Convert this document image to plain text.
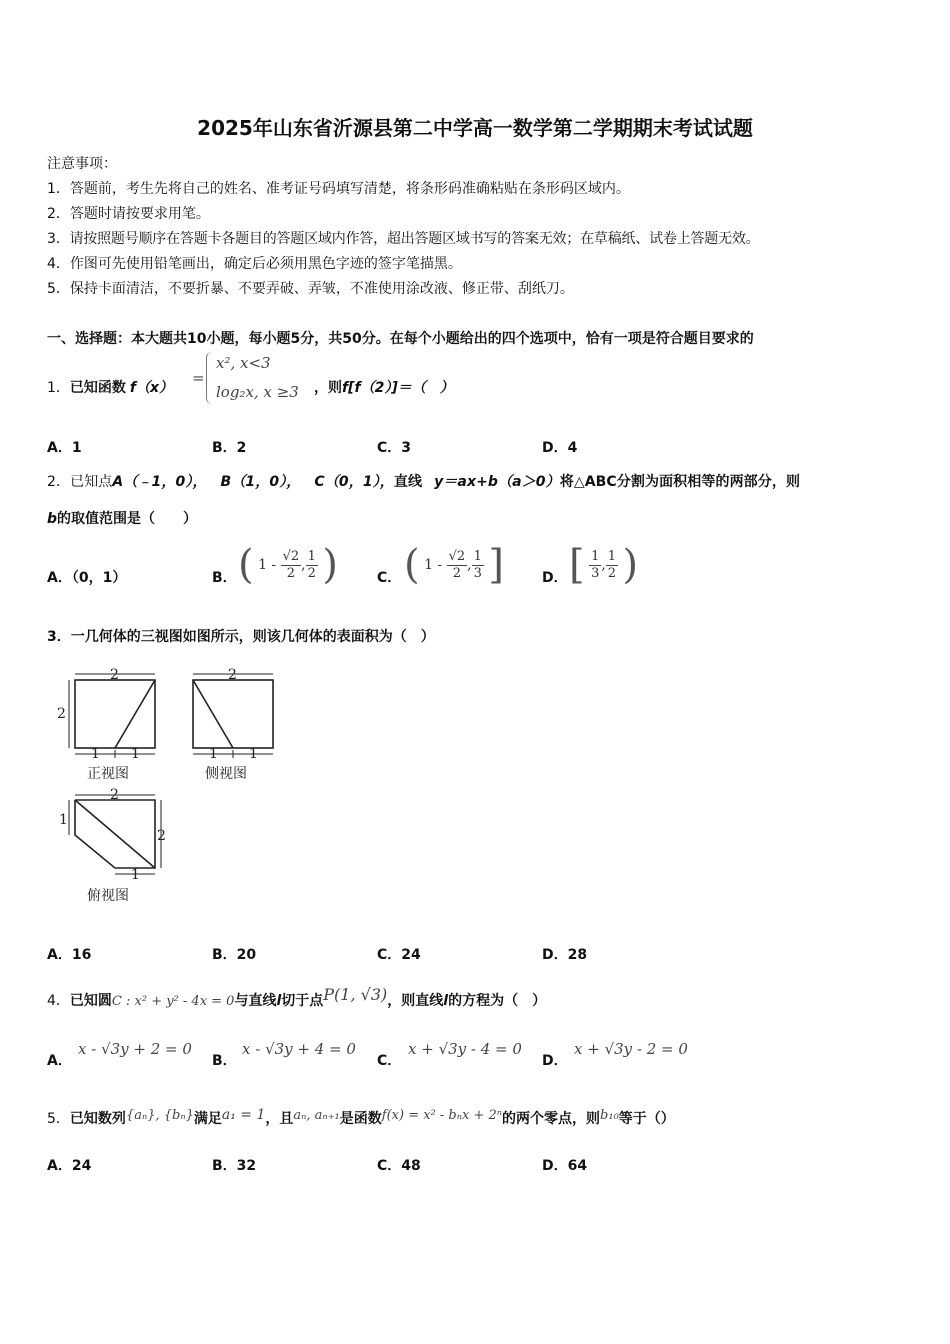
2025年山东省沂源县第二中学高一数学第二学期期末考试试题
注意事项：
1．答题前，考生先将自己的姓名、准考证号码填写清楚，将条形码准确粘贴在条形码区域内。
2．答题时请按要求用笔。
3．请按照题号顺序在答题卡各题目的答题区域内作答，超出答题区域书写的答案无效；在草稿纸、试卷上答题无效。
4．作图可先使用铅笔画出，确定后必须用黑色字迹的签字笔描黑。
5．保持卡面清洁，不要折暴、不要弄破、弄皱，不准使用涂改液、修正带、刮纸刀。
一、选择题：本大题共10小题，每小题5分，共50分。在每个小题给出的四个选项中，恰有一项是符合题目要求的
1．已知函数 f（x）
=
x², x<3
log₂x, x ≥3 ，则f[f（2）]＝（　）
A．1	B．2	C．3	D．4
2．已知点A（﹣1，0）， B（1，0）， C（0，1），直线 y＝ax+b（a＞0）将△ABC分割为面积相等的两部分，则
b的取值范围是（　　）
A．（0，1）	B． ( $1 - \frac{√2}{2}$ , $\frac{1}{2}$ )	C． ( $1 - \frac{√2}{2}$ , $\frac{1}{3}$ ]	D． [ $\frac{1}{3}$ , $\frac{1}{2}$ )
3．一几何体的三视图如图所示，则该几何体的表面积为（　）
2
2
1 1
正视图
2
1 1
侧视图
2
1
2
1
俯视图
A．16	B．20	C．24	D．28
4．已知圆C : x² + y² - 4x = 0与直线l切于点P(1, √3)，则直线l的方程为（　）
A．
x - √3y + 2 = 0
B．
x - √3y + 4 = 0
C．
x + √3y - 4 = 0
D．
x + √3y - 2 = 0
5．已知数列{aₙ}, {bₙ}满足a₁ = 1，且aₙ, aₙ₊₁是函数f(x) = x² - bₙx + 2ⁿ的两个零点，则b₁₀等于（）
A．24	B．32	C．48	D．64
